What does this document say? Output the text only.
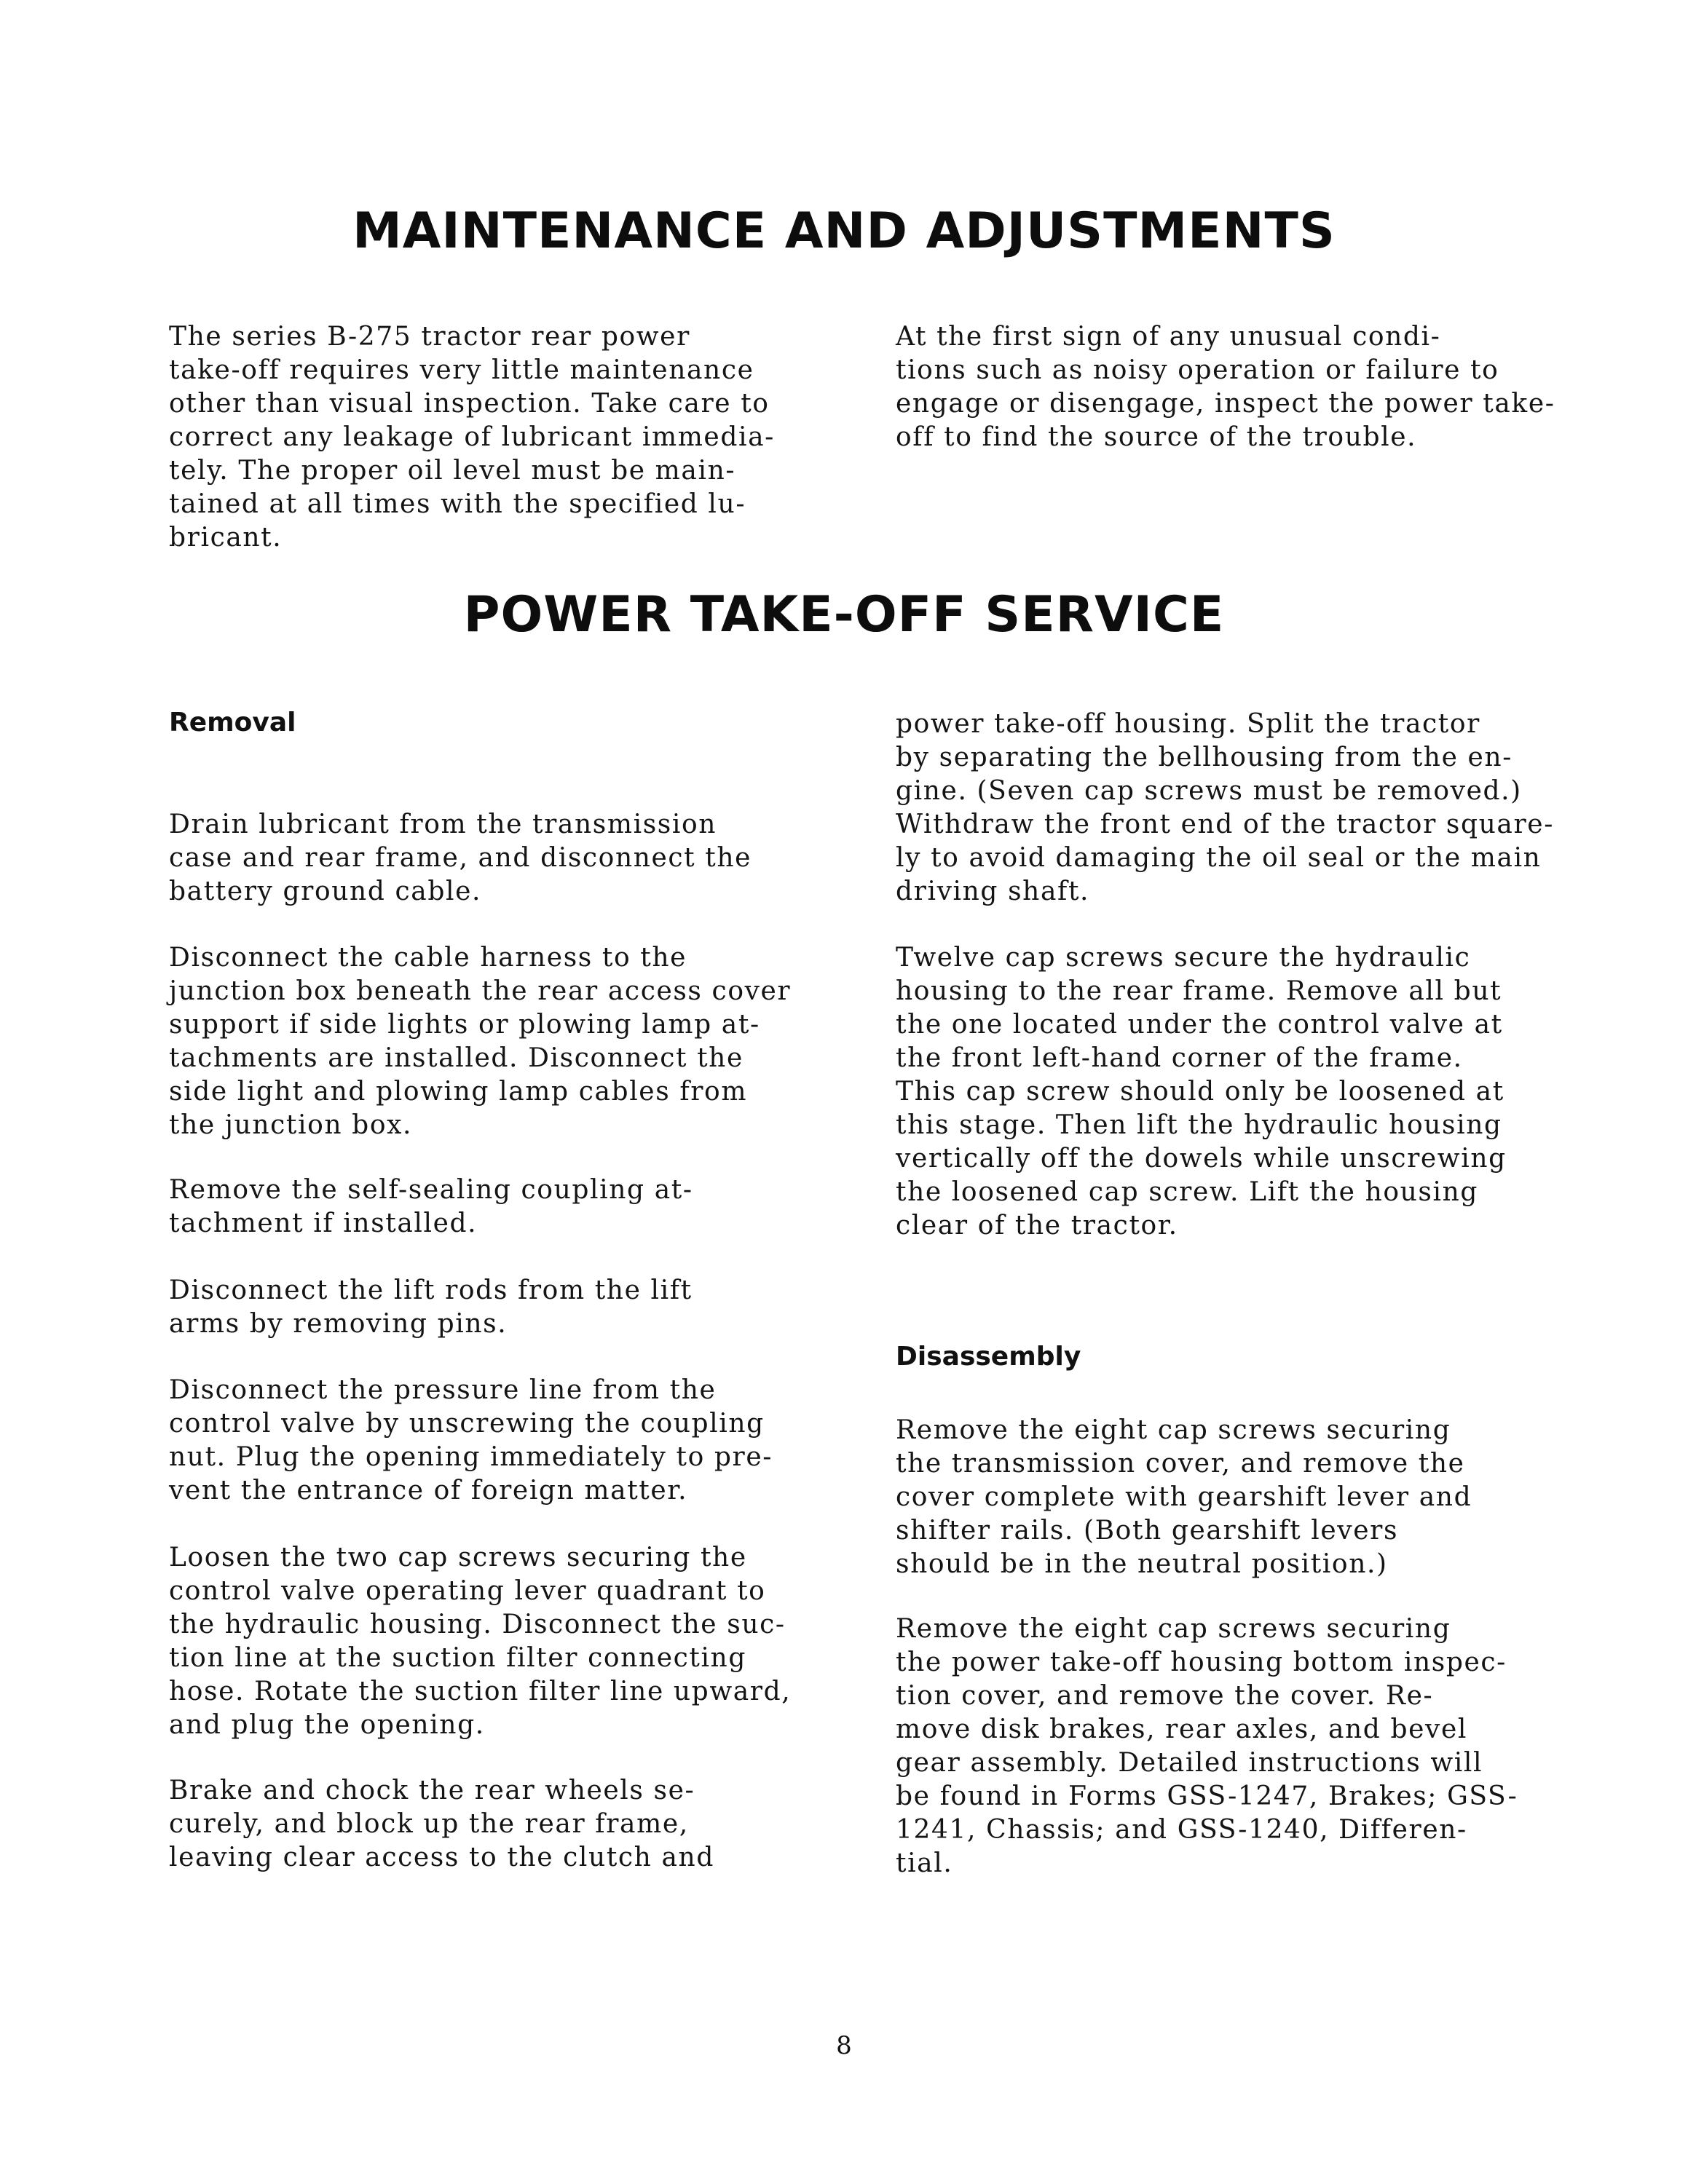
MAINTENANCE AND ADJUSTMENTS

The series B-275 tractor rear power
take-off requires very little maintenance
other than visual inspection. Take care to
correct any leakage of lubricant immedia-
tely. The proper oil level must be main-
tained at all times with the specified lu-
bricant.

At the first sign of any unusual condi-
tions such as noisy operation or failure to
engage or disengage, inspect the power take-
off to find the source of the trouble.

POWER TAKE-OFF SERVICE
Removal

Drain lubricant from the transmission
case and rear frame, and disconnect the
battery ground cable.

Disconnect the cable harness to the
junction box beneath the rear access cover
support if side lights or plowing lamp at-
tachments are installed. Disconnect the
side light and plowing lamp cables from
the junction box.

Remove the self-sealing coupling at-
tachment if installed.

Disconnect the lift rods from the lift
arms by removing pins.

Disconnect the pressure line from the
control valve by unscrewing the coupling
nut. Plug the opening immediately to pre-
vent the entrance of foreign matter.

Loosen the two cap screws securing the
control valve operating lever quadrant to
the hydraulic housing. Disconnect the suc-
tion line at the suction filter connecting
hose. Rotate the suction filter line upward,
and plug the opening.

Brake and chock the rear wheels se-
curely, and block up the rear frame,
leaving clear access to the clutch and

power take-off housing. Split the tractor
by separating the bellhousing from the en-
gine. (Seven cap screws must be removed.)
Withdraw the front end of the tractor square-
ly to avoid damaging the oil seal or the main
driving shaft.

Twelve cap screws secure the hydraulic
housing to the rear frame. Remove all but
the one located under the control valve at
the front left-hand corner of the frame.
This cap screw should only be loosened at
this stage. Then lift the hydraulic housing
vertically off the dowels while unscrewing
the loosened cap screw. Lift the housing
clear of the tractor.

Disassembly

Remove the eight cap screws securing
the transmission cover, and remove the
cover complete with gearshift lever and
shifter rails. (Both gearshift levers
should be in the neutral position.)

Remove the eight cap screws securing
the power take-off housing bottom inspec-
tion cover, and remove the cover. Re-
move disk brakes, rear axles, and bevel
gear assembly. Detailed instructions will
be found in Forms GSS-1247, Brakes; GSS-
1241, Chassis; and GSS-1240, Differen-
tial.

8
